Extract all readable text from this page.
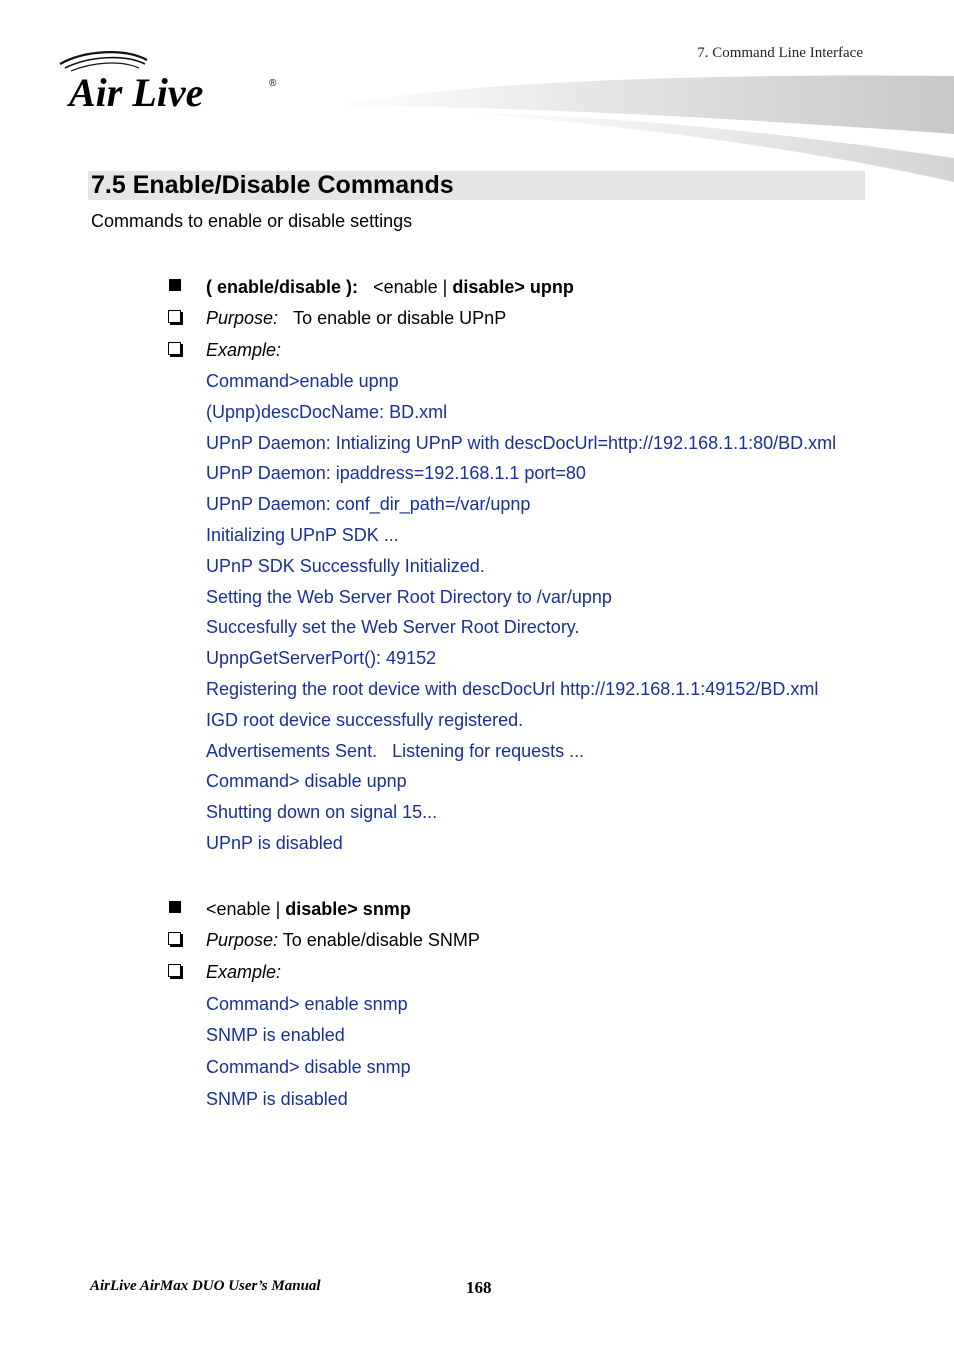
7. Command Line Interface
Air Live	®
7.5 Enable/Disable Commands
Commands to enable or disable settings
( enable/disable ): <enable | disable> upnp
Purpose: To enable or disable UPnP
Example:
Command>enable upnp
(Upnp)descDocName: BD.xml
UPnP Daemon: Intializing UPnP with descDocUrl=http://192.168.1.1:80/BD.xml
UPnP Daemon: ipaddress=192.168.1.1 port=80
UPnP Daemon: conf_dir_path=/var/upnp
Initializing UPnP SDK ...
UPnP SDK Successfully Initialized.
Setting the Web Server Root Directory to /var/upnp
Succesfully set the Web Server Root Directory.
UpnpGetServerPort(): 49152
Registering the root device with descDocUrl http://192.168.1.1:49152/BD.xml
IGD root device successfully registered.
Advertisements Sent.   Listening for requests ...
Command> disable upnp
Shutting down on signal 15...
UPnP is disabled
<enable | disable> snmp
Purpose: To enable/disable SNMP
Example:
Command> enable snmp
SNMP is enabled
Command> disable snmp
SNMP is disabled
AirLive AirMax DUO User’s Manual	168
